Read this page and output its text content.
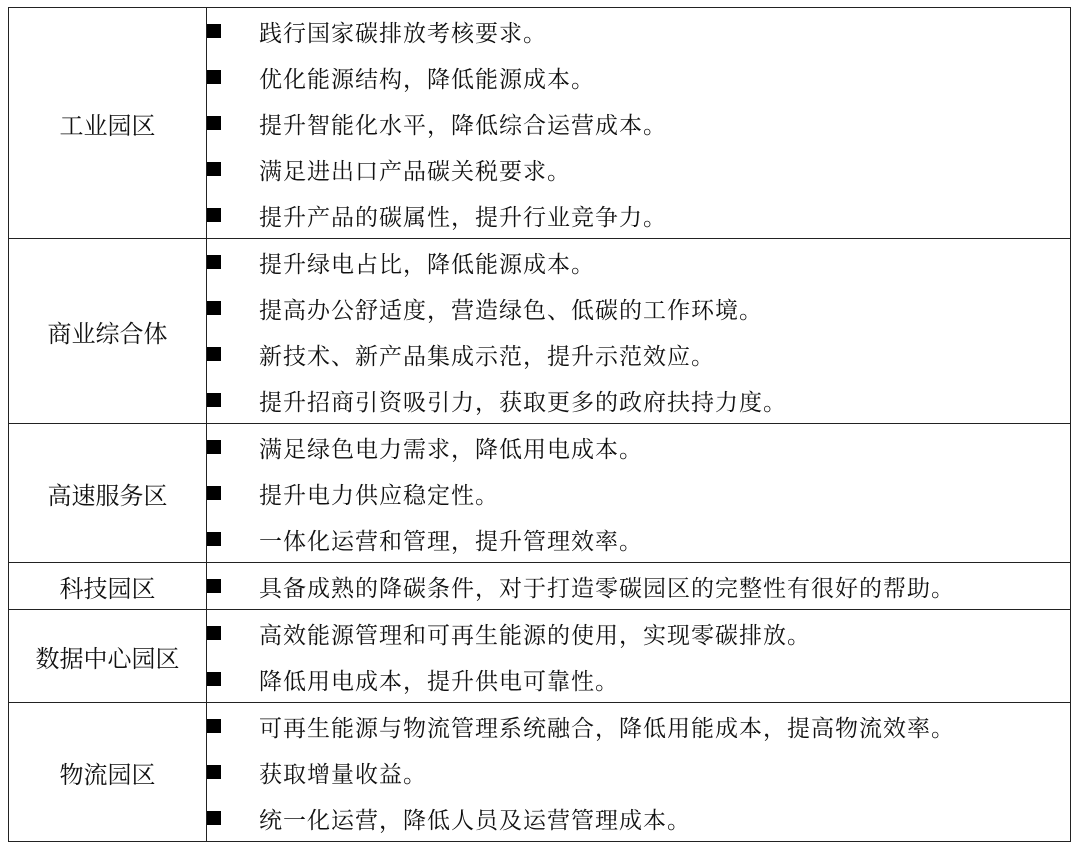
工业园区	践行国家碳排放考核要求。
优化能源结构，降低能源成本。
提升智能化水平，降低综合运营成本。
满足进出口产品碳关税要求。
提升产品的碳属性，提升行业竞争力。

商业综合体	提升绿电占比，降低能源成本。
提高办公舒适度，营造绿色、低碳的工作环境。
新技术、新产品集成示范，提升示范效应。
提升招商引资吸引力，获取更多的政府扶持力度。

高速服务区	满足绿色电力需求，降低用电成本。
提升电力供应稳定性。
一体化运营和管理，提升管理效率。

科技园区	具备成熟的降碳条件，对于打造零碳园区的完整性有很好的帮助。

数据中心园区	高效能源管理和可再生能源的使用，实现零碳排放。
降低用电成本，提升供电可靠性。

物流园区	可再生能源与物流管理系统融合，降低用能成本，提高物流效率。
获取增量收益。
统一化运营，降低人员及运营管理成本。
